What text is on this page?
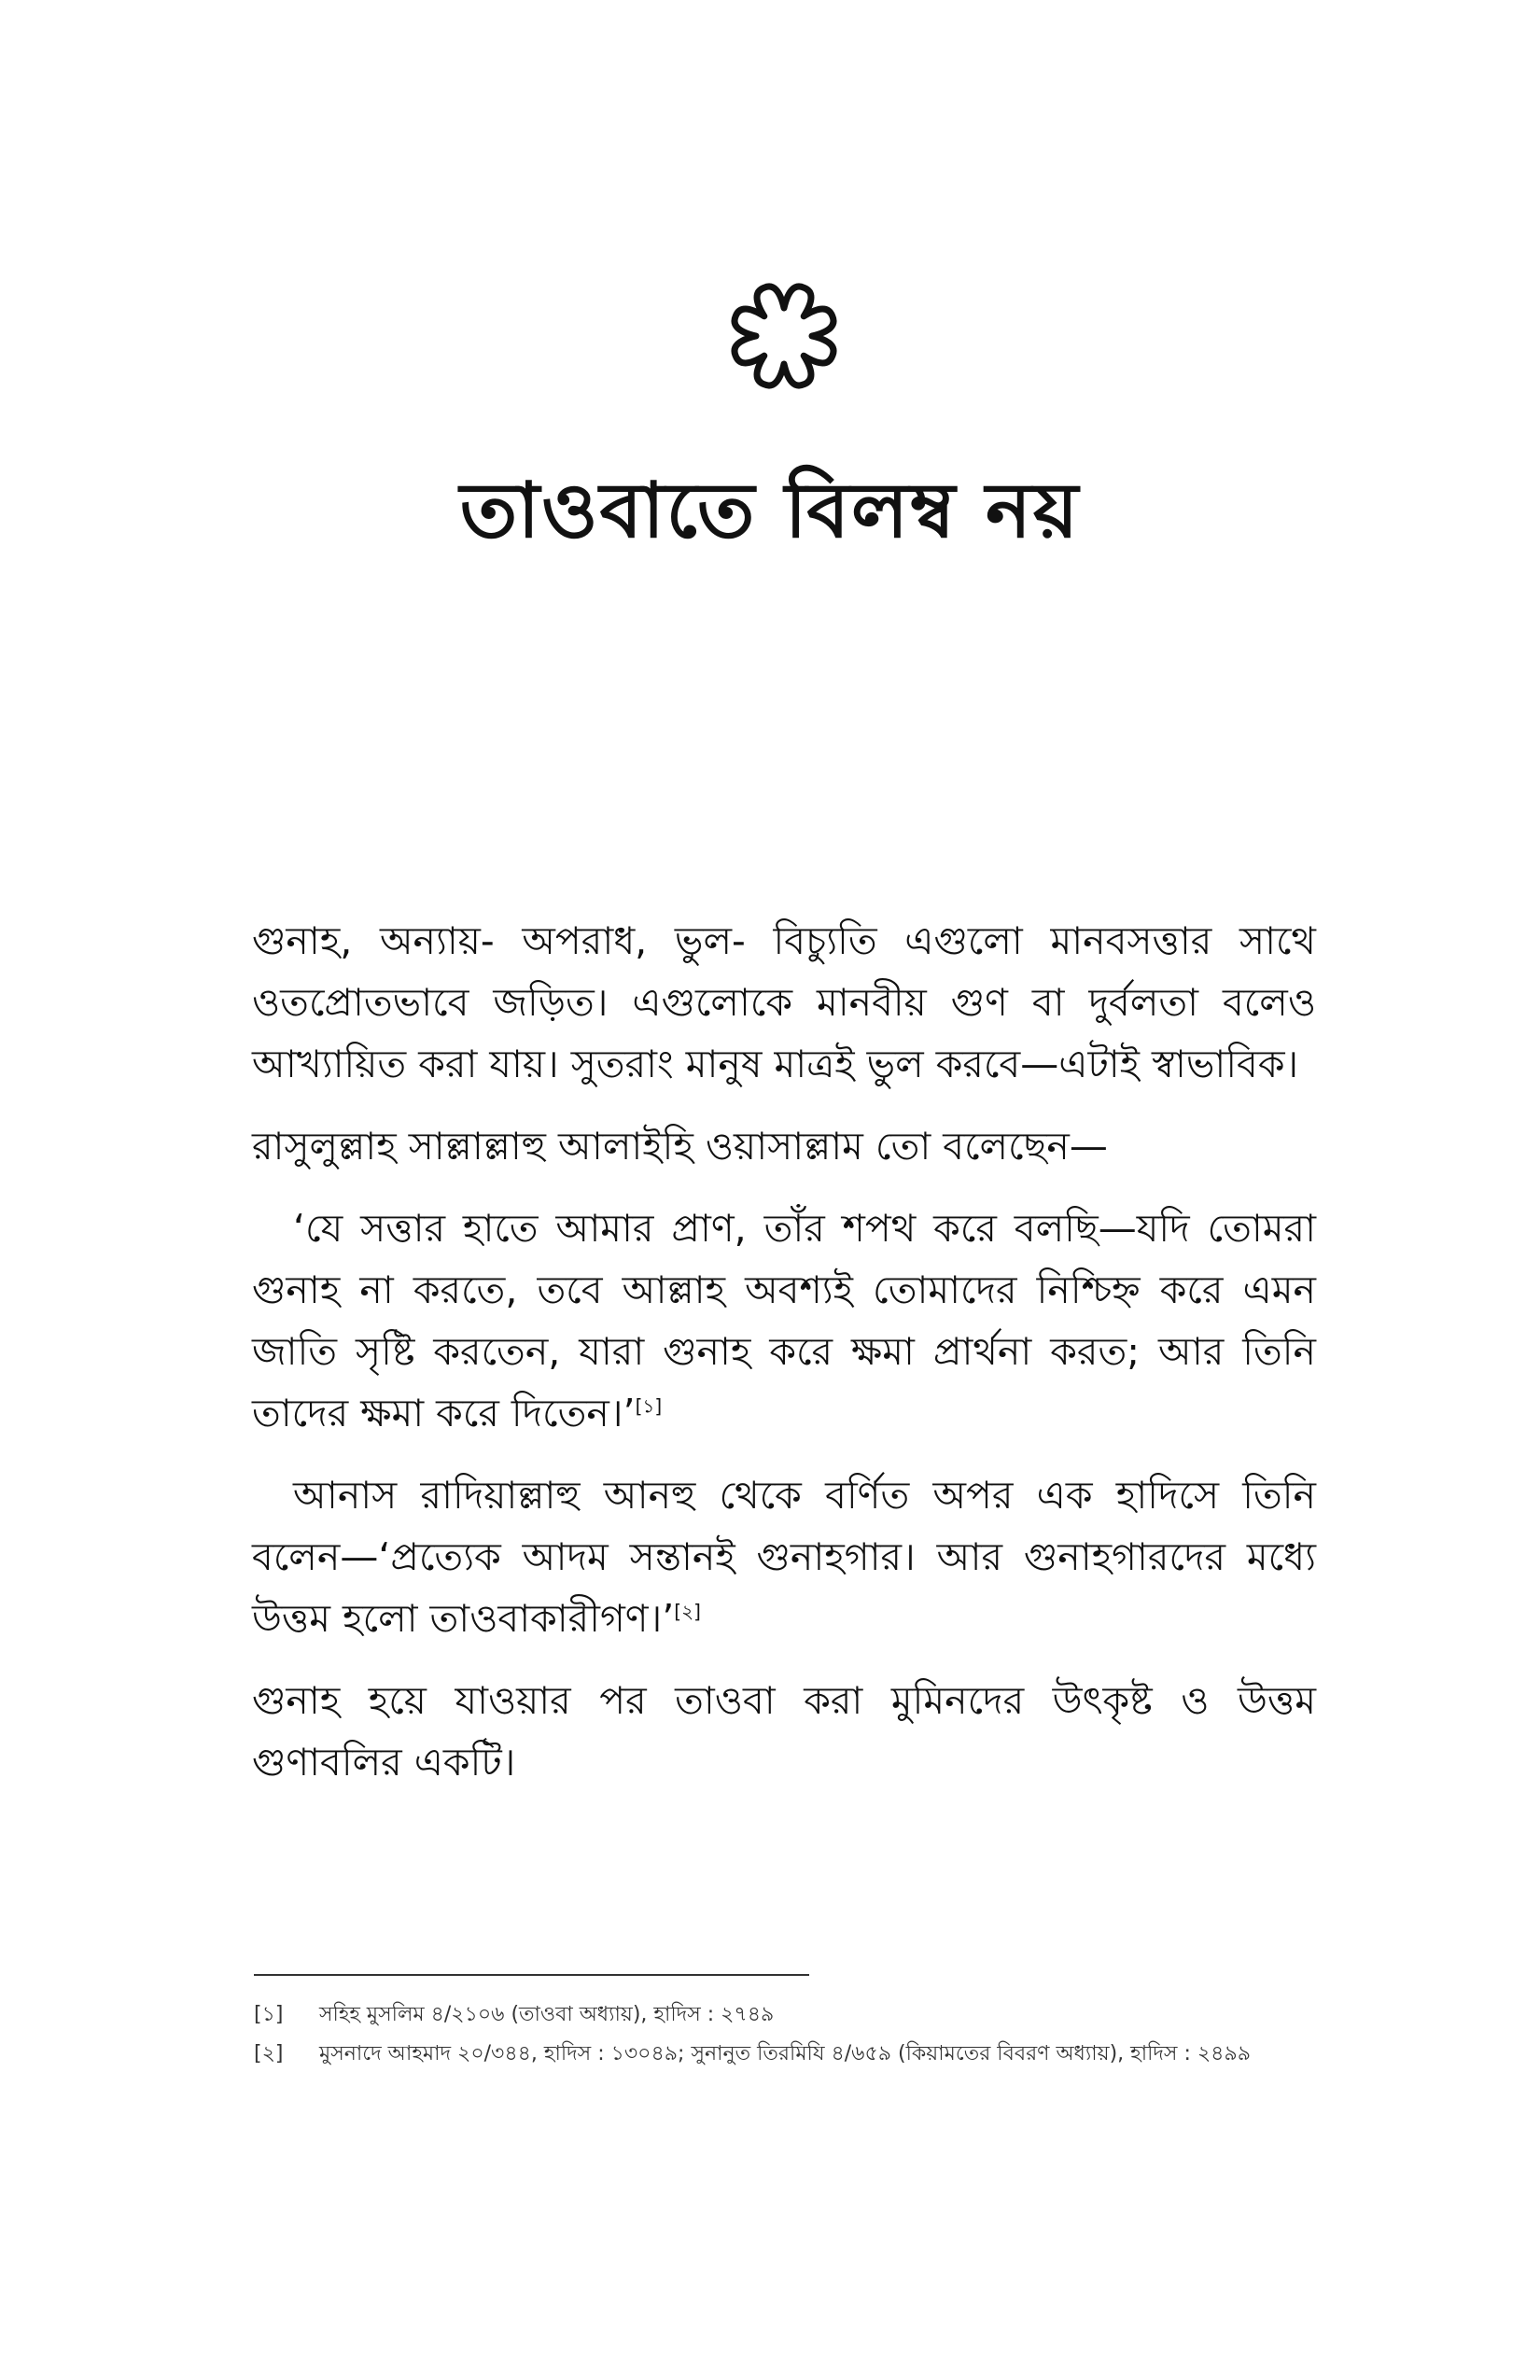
তাওবাতে বিলম্ব নয়

গুনাহ, অন্যায়- অপরাধ, ভুল- বিচ্যুতি এগুলো মানবসত্তার সাথে ওতপ্রোতভাবে জড়িত। এগুলোকে মানবীয় গুণ বা দুর্বলতা বলেও আখ্যায়িত করা যায়। সুতরাং মানুষ মাত্রই ভুল করবে—এটাই স্বাভাবিক।

রাসুলুল্লাহ সাল্লাল্লাহু আলাইহি ওয়াসাল্লাম তো বলেছেন—

‘যে সত্তার হাতে আমার প্রাণ, তাঁর শপথ করে বলছি—যদি তোমরা গুনাহ না করতে, তবে আল্লাহ অবশ্যই তোমাদের নিশ্চিহ্ন করে এমন জাতি সৃষ্টি করতেন, যারা গুনাহ করে ক্ষমা প্রার্থনা করত; আর তিনি তাদের ক্ষমা করে দিতেন।’[১]

আনাস রাদিয়াল্লাহু আনহু থেকে বর্ণিত অপর এক হাদিসে তিনি বলেন—‘প্রত্যেক আদম সন্তানই গুনাহগার। আর গুনাহগারদের মধ্যে উত্তম হলো তাওবাকারীগণ।’[২]

গুনাহ হয়ে যাওয়ার পর তাওবা করা মুমিনদের উৎকৃষ্ট ও উত্তম গুণাবলির একটি।

[১]	সহিহ মুসলিম ৪/২১০৬ (তাওবা অধ্যায়), হাদিস : ২৭৪৯
[২]	মুসনাদে আহমাদ ২০/৩৪৪, হাদিস : ১৩০৪৯; সুনানুত তিরমিযি ৪/৬৫৯ (কিয়ামতের বিবরণ অধ্যায়), হাদিস : ২৪৯৯
